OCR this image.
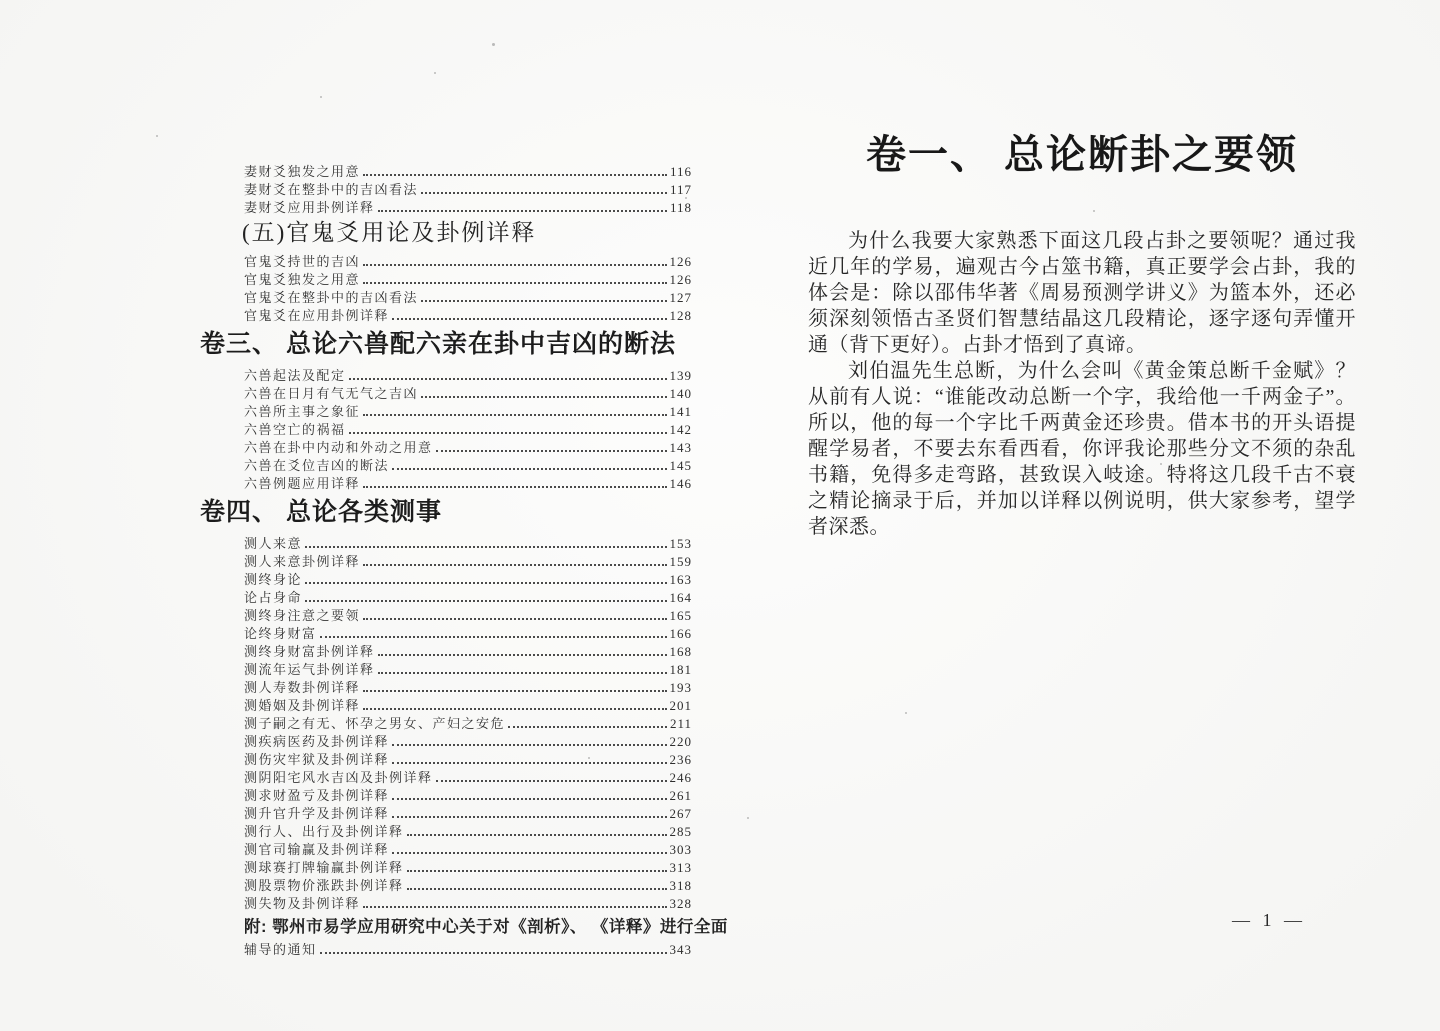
妻财爻独发之用意	116
妻财爻在整卦中的吉凶看法	117
妻财爻应用卦例详释	118
(五)官鬼爻用论及卦例详释
官鬼爻持世的吉凶	126
官鬼爻独发之用意	126
官鬼爻在整卦中的吉凶看法	127
官鬼爻在应用卦例详释	128
卷三、 总论六兽配六亲在卦中吉凶的断法
六兽起法及配定	139
六兽在日月有气无气之吉凶	140
六兽所主事之象征	141
六兽空亡的祸福	142
六兽在卦中内动和外动之用意	143
六兽在爻位吉凶的断法	145
六兽例题应用详释	146
卷四、 总论各类测事
测人来意	153
测人来意卦例详释	159
测终身论	163
论占身命	164
测终身注意之要领	165
论终身财富	166
测终身财富卦例详释	168
测流年运气卦例详释	181
测人寿数卦例详释	193
测婚姻及卦例详释	201
测子嗣之有无、怀孕之男女、产妇之安危	211
测疾病医药及卦例详释	220
测伤灾牢狱及卦例详释	236
测阴阳宅风水吉凶及卦例详释	246
测求财盈亏及卦例详释	261
测升官升学及卦例详释	267
测行人、出行及卦例详释	285
测官司输赢及卦例详释	303
测球赛打牌输赢卦例详释	313
测股票物价涨跌卦例详释	318
测失物及卦例详释	328
附: 鄂州市易学应用研究中心关于对《剖析》、 《详释》进行全面
辅导的通知	343
卷一、 总论断卦之要领

为什么我要大家熟悉下面这几段占卦之要领呢？通过我近几年的学易，遍观古今占筮书籍，真正要学会占卦，我的体会是：除以邵伟华著《周易预测学讲义》为篮本外，还必须深刻领悟古圣贤们智慧结晶这几段精论，逐字逐句弄懂开通（背下更好）。占卦才悟到了真谛。

刘伯温先生总断，为什么会叫《黄金策总断千金赋》？从前有人说：“谁能改动总断一个字，我给他一千两金子”。所以，他的每一个字比千两黄金还珍贵。借本书的开头语提醒学易者，不要去东看西看，你评我论那些分文不须的杂乱书籍，免得多走弯路，甚致误入岐途。特将这几段千古不衰之精论摘录于后，并加以详释以例说明，供大家参考，望学者深悉。

— 1 —
